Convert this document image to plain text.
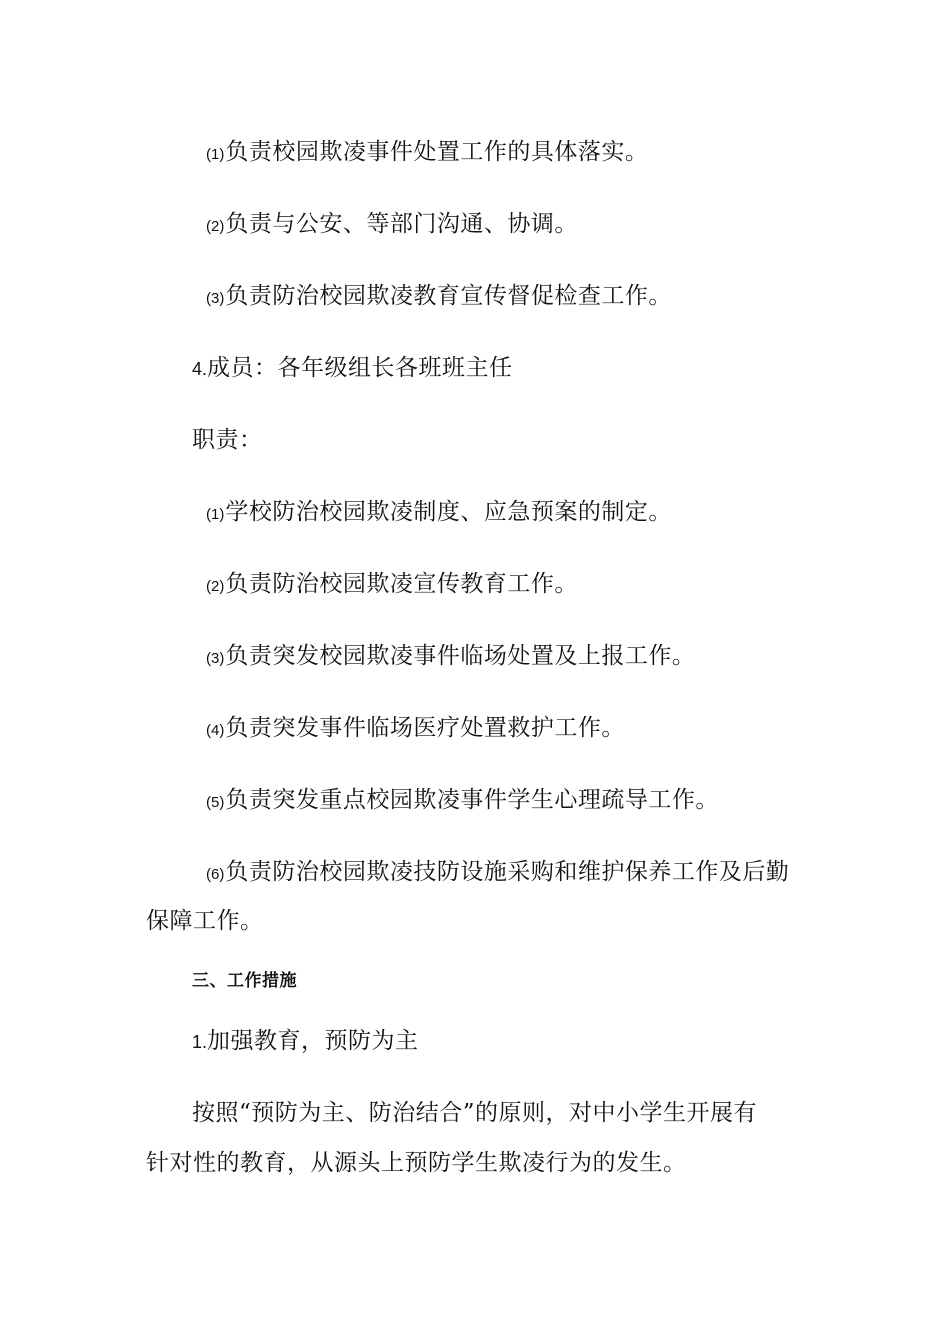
(1)负责校园欺凌事件处置工作的具体落实。
(2)负责与公安、等部门沟通、协调。
(3)负责防治校园欺凌教育宣传督促检查工作。
4.成员：各年级组长各班班主任
职责：
(1)学校防治校园欺凌制度、应急预案的制定。
(2)负责防治校园欺凌宣传教育工作。
(3)负责突发校园欺凌事件临场处置及上报工作。
(4)负责突发事件临场医疗处置救护工作。
(5)负责突发重点校园欺凌事件学生心理疏导工作。
(6)负责防治校园欺凌技防设施采购和维护保养工作及后勤
保障工作。
三、工作措施
1.加强教育，预防为主
按照“预防为主、防治结合”的原则，对中小学生开展有
针对性的教育，从源头上预防学生欺凌行为的发生。
